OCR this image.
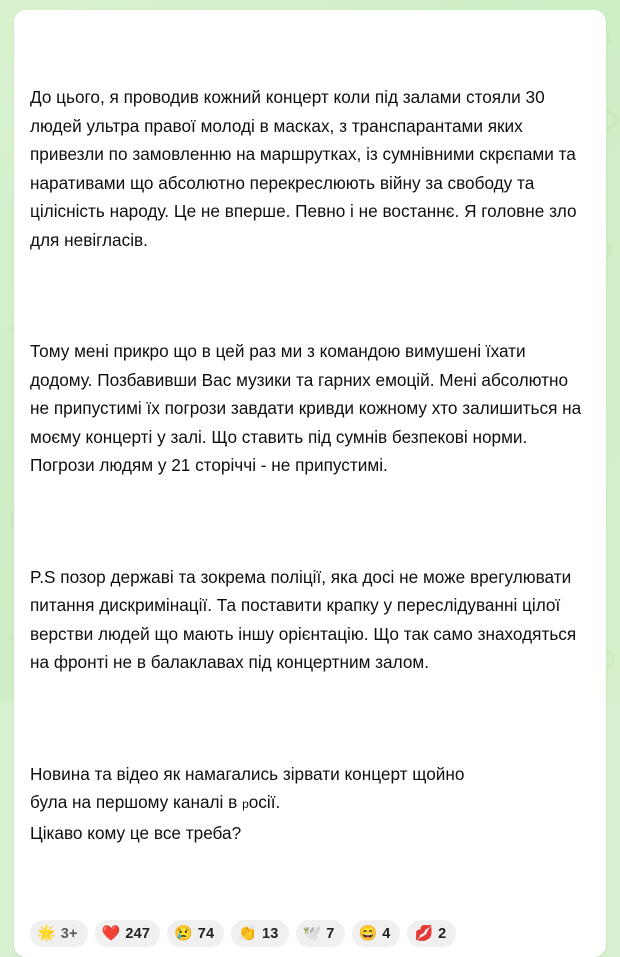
До цього, я проводив кожний концерт коли під залами стояли 30 людей ультра правої молоді в масках, з транспарантами яких привезли по замовленню на маршрутках, із сумнівними скрєпами та наративами що абсолютно перекреслюють війну за свободу та цілісність народу. Це не вперше. Певно і не востаннє. Я головне зло для невігласів.

Тому мені прикро що в цей раз ми з командою вимушені їхати додому. Позбавивши Вас музики та гарних емоцій. Мені абсолютно не припустимі їх погрози завдати кривди кожному хто залишиться на моєму концерті у залі. Що ставить під сумнів безпекові норми. Погрози людям у 21 сторіччі - не припустимі.

P.S позор державі та зокрема поліції, яка досі не може врегулювати питання дискримінації. Та поставити крапку у переслідуванні цілої верстви людей що мають іншу орієнтацію. Що так само знаходяться на фронті не в балаклавах під концертним залом.

Новина та відео як намагались зірвати концерт щойно
була на першому каналі в росії.
Цікаво кому це все треба?

🌟 3+ ❤️ 247 😢 74 👏 13 🕊️ 7 😄 4 💋 2
